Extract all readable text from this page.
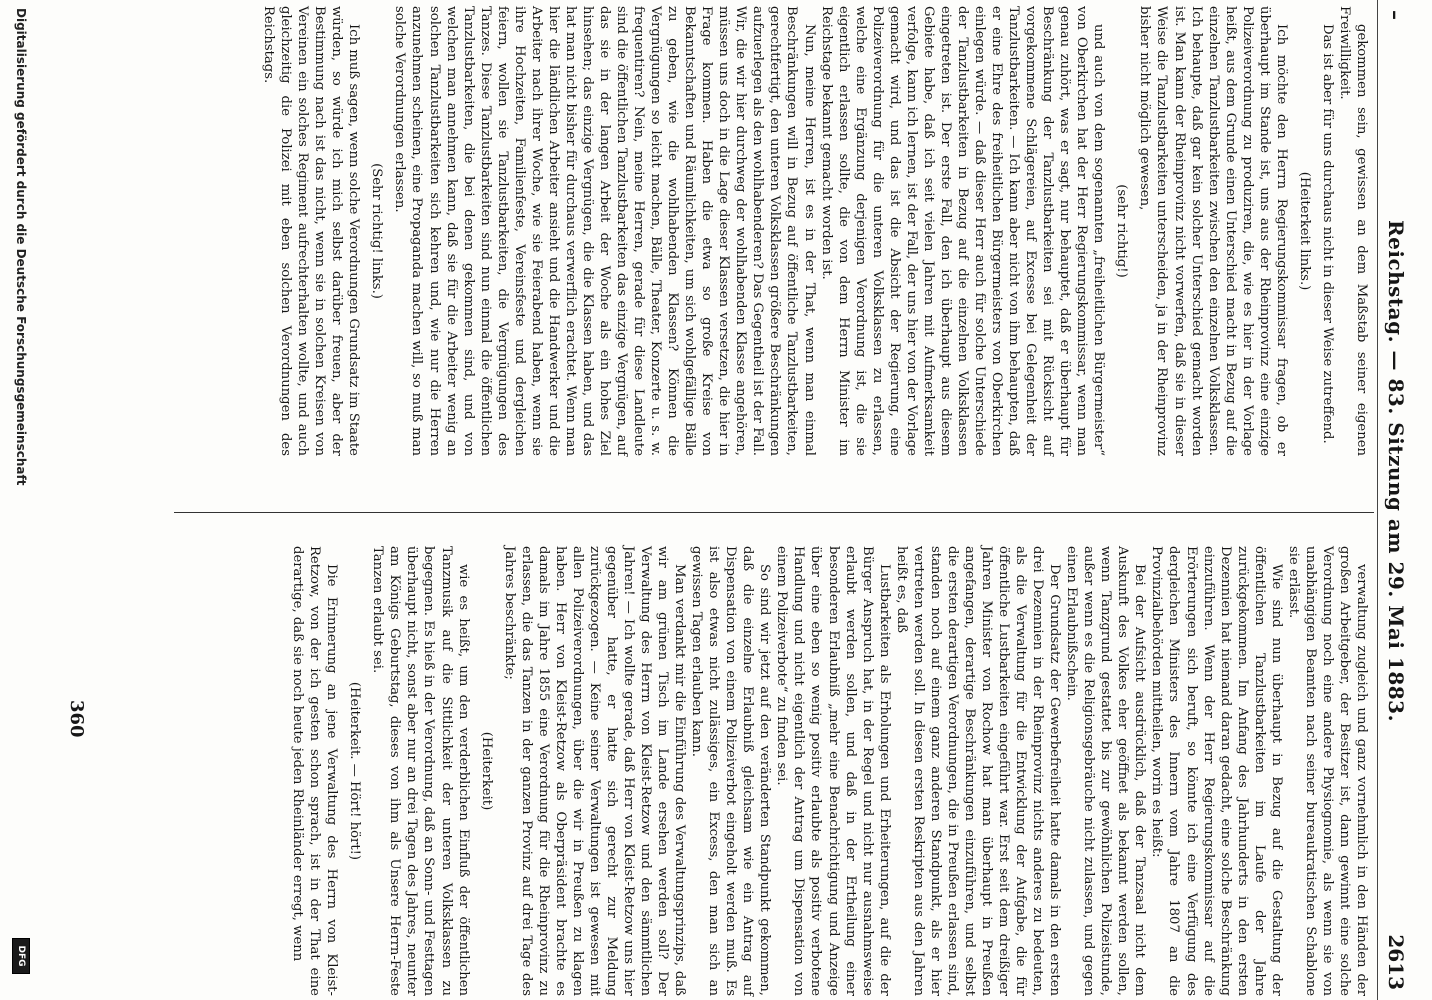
–
Reichstag. — 83. Sitzung am 29. Mai 1883.
2613

gekommen sein, gewissen an dem Maßstab seiner eigenen Freiwilligkeit.

Das ist aber für uns durchaus nicht in dieser Weise zutreffend.

(Heiterkeit links.)

Ich möchte den Herrn Regierungskommissar fragen, ob er überhaupt im Stande ist, uns aus der Rheinprovinz eine einzige Polizeiverordnung zu produziren, die, wie es hier in der Vorlage heißt, aus dem Grunde einen Unterschied macht in Bezug auf die einzelnen Tanzlustbarkeiten zwischen den einzelnen Volksklassen. Ich behaupte, daß gar kein solcher Unterschied gemacht worden ist. Man kann der Rheinprovinz nicht vorwerfen, daß sie in dieser Weise die Tanzlustbarkeiten unterscheiden, ja in der Rheinprovinz bisher nicht möglich gewesen,

(sehr richtig!)

und auch von dem sogenannten „freiheitlichen Bürgermeister“ von Oberkirchen hat der Herr Regierungskommissar, wenn man genau zuhört, was er sagt, nur behauptet, daß er überhaupt für Beschränkung der Tanzlustbarkeiten sei mit Rücksicht auf vorgekommene Schlägereien, auf Excesse bei Gelegenheit der Tanzlustbarkeiten. — Ich kann aber nicht von ihm behaupten, daß er eine Ehre des freiheitlichen Bürgermeisters von Oberkirchen einlegen würde. — daß dieser Herr auch für solche Unterschiede der Tanzlustbarkeiten in Bezug auf die einzelnen Volksklassen eingetreten ist. Der erste Fall, den ich überhaupt aus diesem Gebiete habe, daß ich seit vielen Jahren mit Aufmerksamkeit verfolge, kann ich lernen, ist der Fall, der uns hier von der Vorlage gemacht wird, und das ist die Absicht der Regierung, eine Polizeiverordnung für die unteren Volksklassen zu erlassen, welche eine Ergänzung derjenigen Verordnung ist, die sie eigentlich erlassen sollte, die von dem Herrn Minister im Reichstage bekannt gemacht worden ist.

Nun, meine Herren, ist es in der That, wenn man einmal Beschränkungen will in Bezug auf öffentliche Tanzlustbarkeiten, gerechtfertigt, den unteren Volksklassen größere Beschränkungen aufzuerlegen als den wohlhabenderen? Das Gegentheil ist der Fall. Wir, die wir hier durchweg der wohlhabenden Klasse angehören, müssen uns doch in die Lage dieser Klassen versetzen, die hier in Frage kommen. Haben die etwa so große Kreise von Bekanntschaften und Räumlichkeiten, um sich wohlgefällige Bälle zu geben, wie die wohlhabenden Klassen? Können die Vergnügungen so leicht machen, Bälle, Theater, Konzerte u. s. w. frequentiren? Nein, meine Herren, gerade für diese Landleute sind die öffentlichen Tanzlustbarkeiten das einzige Vergnügen, auf das sie in der langen Arbeit der Woche als ein hohes Ziel hinsehen; das einzige Vergnügen, die die Klassen haben, und das hat man nicht bisher für durchaus verwerflich erachtet. Wenn man hier die ländlichen Arbeiter ansieht und die Handwerker und die Arbeiter nach ihrer Woche, wie sie Feierabend haben, wenn sie ihre Hochzeiten, Familienfeste, Vereinsfeste und dergleichen feiern, wollen sie Tanzlustbarkeiten, die Vergnügungen des Tanzes. Diese Tanzlustbarkeiten sind nun einmal die öffentlichen Tanzlustbarkeiten, die bei denen gekommen sind, und von welchen man annehmen kann, daß sie für die Arbeiter wenig an solchen Tanzlustbarkeiten sich kehren und, wie nur die Herren anzunehmen scheinen, eine Propaganda machen will, so muß man solche Verordnungen erlassen.

(Sehr richtig! links.)

Ich muß sagen, wenn solche Verordnungen Grundsatz im Staate würden, so würde ich mich selbst darüber freuen, aber der Bestimmung nach ist das nicht, wenn sie in solchen Kreisen von Vereinen ein solches Regiment aufrechterhalten wollte, und auch gleichzeitig die Polizei mit eben solchen Verordnungen des Reichstags.

verwaltung zugleich und ganz vornehmlich in den Händen der großen Arbeitgeber, der Besitzer ist, dann gewinnt eine solche Verordnung noch eine andere Physiognomie, als wenn sie von unabhängigen Beamten nach seiner bureaukratischen Schablone sie erlässt.

Wie sind nun überhaupt in Bezug auf die Gestaltung der öffentlichen Tanzlustbarkeiten im Laufe der Jahre zurückgekommen. Im Anfang des Jahrhunderts in den ersten Dezennien hat niemand daran gedacht, eine solche Beschränkung einzuführen. Wenn der Herr Regierungskommissar auf die Erörterungen sich beruft, so könnte ich eine Verfügung des dergleichen Ministers des Innern vom Jahre 1807 an die Provinzialbehörden mittheilen, worin es heißt:

Bei der Aufsicht ausdrücklich, daß der Tanzsaal nicht dem Auskunft des Volkes eher geöffnet als bekannt werden sollen, wenn Tanzgrund gestattet bis zur gewöhnlichen Polizeistunde, außer wenn es die Religionsgebräuche nicht zulassen, und gegen einen Erlaubnißschein.

Der Grundsatz der Gewerbefreiheit hatte damals in den ersten drei Dezennien in der Rheinprovinz nichts anderes zu bedeuten, als die Verwaltung für die Entwicklung der Aufgabe, die für öffentliche Lustbarkeiten eingeführt war. Erst seit dem dreißiger Jahren Minister von Rochow hat man überhaupt in Preußen angefangen, derartige Beschränkungen einzuführen, und selbst die ersten derartigen Verordnungen, die in Preußen erlassen sind, standen noch auf einem ganz anderen Standpunkt, als er hier vertreten werden soll. In diesen ersten Reskripten aus den Jahren heißt es, daß

Lustbarkeiten als Erholungen und Erheiterungen, auf die der Bürger Anspruch hat, in der Regel und nicht nur ausnahmsweise erlaubt werden sollen, und daß in der Ertheilung einer besonderen Erlaubniß „mehr eine Benachrichtigung und Anzeige über eine eben so wenig positiv erlaubte als positiv verbotene Handlung und nicht eigentlich der Antrag um Dispensation von einem Polizeiverbote“ zu finden sei.

So sind wir jetzt auf den veränderten Standpunkt gekommen, daß die einzelne Erlaubniß gleichsam wie ein Antrag auf Dispensation von einem Polizeiverbot eingeholt werden muß. Es ist also etwas nicht zulässiges, ein Excess, den man sich an gewissen Tagen erlauben kann.

Man verdankt mir die Einführung des Verwaltungsprinzips, daß wir am grünen Tisch im Lande ersehen werden soll? Der Verwaltung des Herrn von Kleist-Retzow und den sämmtlichen Jahren! — Ich wollte gerade, daß Herr von Kleist-Retzow uns hier gegenüber hatte, er hatte sich gerecht zur Meldung zurückgezogen. — Keine seiner Verwaltungen ist gewesen mit allen Polizeiverordnungen, über die wir in Preußen zu klagen haben. Herr von Kleist-Retzow als Oberpräsident brachte es damals im Jahre 1855 eine Verordnung für die Rheinprovinz zu erlassen, die das Tanzen in der ganzen Provinz auf drei Tage des Jahres beschränkte;

(Heiterkeit)

wie es heißt, um den verderblichen Einfluß der öffentlichen Tanzmusik auf die Sittlichkeit der unteren Volksklassen zu begegnen. Es hieß in der Verordnung, daß an Sonn- und Festtagen überhaupt nicht, sonst aber nur an drei Tagen des Jahres, neunter am Königs Geburtstag, dieses von ihm als Unsere Herrn-Feste Tanzen erlaubt sei.

(Heiterkeit. — Hört! hört!)

Die Erinnerung an jene Verwaltung des Herrn von Kleist-Retzow, von der ich gesten schon sprach, ist in der That eine derartige, daß sie noch heute jeden Rheinländer erregt, wenn

360
Digitalisierung gefördert durch die Deutsche Forschungsgemeinschaft
DFG
